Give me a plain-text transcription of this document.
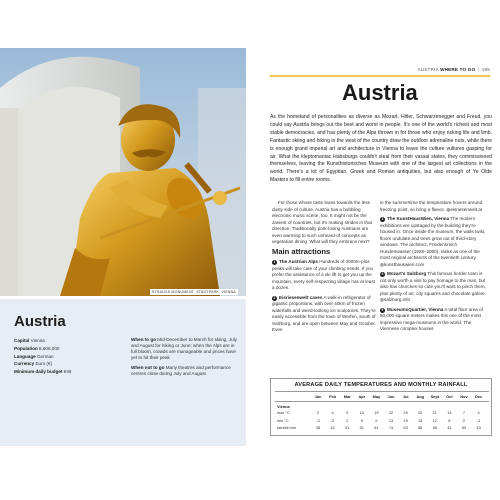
STRAUSS MONUMENT, STADTPARK, VIENNA
Austria
Capital Vienna
Population 8,608,000
Language German
Currency Euro (€)
Minimum daily budget €45

When to go Mid-December to March for skiing, July and August for hiking or June; when the Alps are in full bloom, crowds are manageable and prices have yet to hit their peak

When not to go Many theatres and performance centres close during July and August

AUSTRIA WHERE TO GO | 195
Austria

As the homeland of personalities as diverse as Mozart, Hitler, Schwarzenegger and Freud, you could say Austria brings out the best and worst in people. It's one of the world's richest and most stable democracies, and has plenty of the Alps thrown in for those who enjoy risking life and limb. Fantastic skiing and hiking in the west of the country draw the outdoor adrenaline nuts, while there is enough grand imperial art and architecture in Vienna to leave the culture vultures gasping for air. What the kleptomaniac Habsburgs couldn't steal from their vassal states, they commissioned themselves, leaving the Kunsthistorisches Museum with one of the largest art collections in the world. There's a lot of Egyptian, Greek and Roman antiquities, but also enough of Ye Olde Masters to fill entire rooms.

For those whose taste leans towards the less dusty side of culture, Austria has a bubbling electronic music scene, too. It might not be the zaniest of countries, but it's making strides in that direction. Traditionally pork-loving Austrians are even warming to such unheard-of concepts as vegetarian dining. What will they embrace next?

Main attractions

1 The Austrian Alps Hundreds of 3000m-plus peaks will take care of your climbing needs. If you prefer the assistance of a ski lift to get you up the mountain, every self-respecting village has at least a dozen.

2 Eisriesenwelt caves A walk-in refrigerator of gigantic proportions, with over 40km of frozen waterfalls and weird-looking ice sculptures. They're easily accessible from the town of Werfen, south of Salzburg, and are open between May and October. Even

in the summertime the temperature hovers around freezing point, so bring a fleece. ◍eisriesenwelt.at

3 The KunstHausWien, Vienna The modern exhibitions are upstaged by the building they're housed in. Once inside the museum, the walls twist, floors undulate and trees grow out of third-story windows. The architect, Friedensreich Hundertwasser (1928–2000), ranks as one of the most original architects of the twentieth century. ◍kunsthauswien.com

4 Mozart's Salzburg This famous border town is not only worth a visit to pay homage to the man, but also has churches so cute you'll want to pinch them, plus plenty of art, city squares and chocolate galore. ◍salzburg.info

5 MuseumsQuartier, Vienna A total floor area of 60,000 square meters makes this one of the most impressive mega-museums in the world. The Viennese complex houses

AVERAGE DAILY TEMPERATURES AND MONTHLY RAINFALL
Jan	Feb	Mar	Apr	May	Jun	Jul	Aug	Sept	Oct	Nov	Dec
Vienna
max °C	2	4	9	14	19	22	25	25	21	14	7	4
min °C	-3	-2	2	5	9	13	15	15	12	6	2	-1
rainfall mm	38	42	41	51	61	74	63	58	45	41	50	43
